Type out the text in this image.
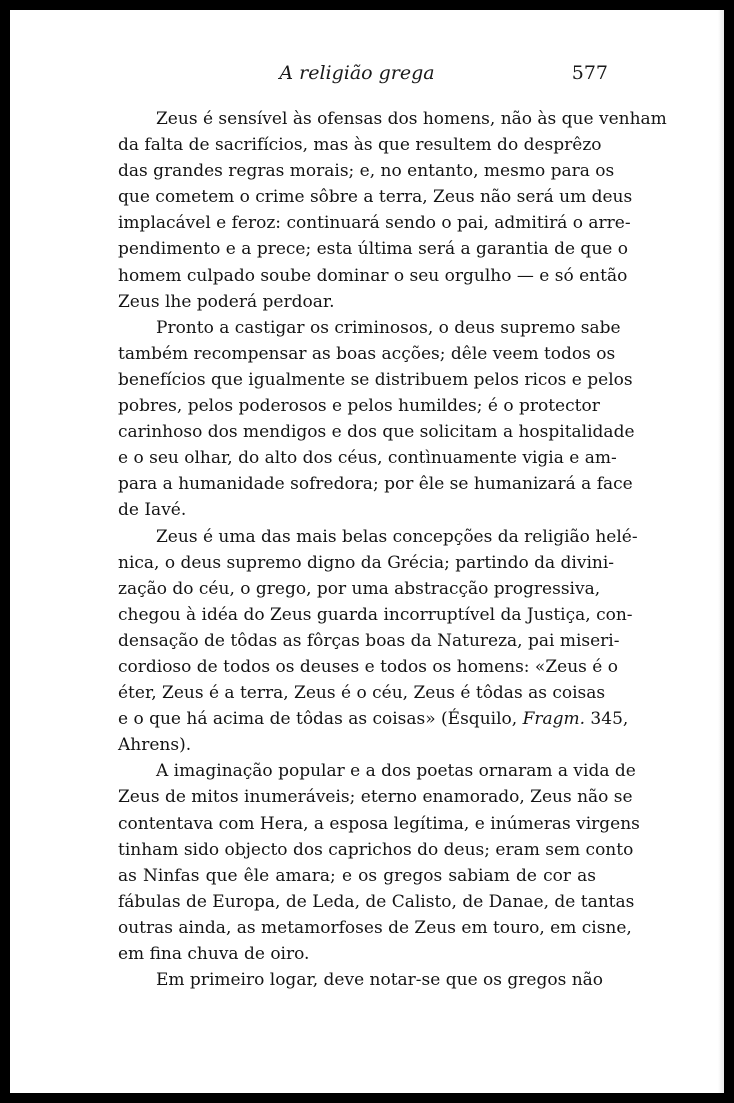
A religião grega	577

Zeus é sensível às ofensas dos homens, não às que venham
da falta de sacrifícios, mas às que resultem do desprêzo
das grandes regras morais; e, no entanto, mesmo para os
que cometem o crime sôbre a terra, Zeus não será um deus
implacável e feroz: continuará sendo o pai, admitirá o arre-
pendimento e a prece; esta última será a garantia de que o
homem culpado soube dominar o seu orgulho — e só então
Zeus lhe poderá perdoar.

Pronto a castigar os criminosos, o deus supremo sabe
também recompensar as boas acções; dêle veem todos os
benefícios que igualmente se distribuem pelos ricos e pelos
pobres, pelos poderosos e pelos humildes; é o protector
carinhoso dos mendigos e dos que solicitam a hospitalidade
e o seu olhar, do alto dos céus, contìnuamente vigia e am-
para a humanidade sofredora; por êle se humanizará a face
de Iavé.

Zeus é uma das mais belas concepções da religião helé-
nica, o deus supremo digno da Grécia; partindo da divini-
zação do céu, o grego, por uma abstracção progressiva,
chegou à idéa do Zeus guarda incorruptível da Justiça, con-
densação de tôdas as fôrças boas da Natureza, pai miseri-
cordioso de todos os deuses e todos os homens: «Zeus é o
éter, Zeus é a terra, Zeus é o céu, Zeus é tôdas as coisas
e o que há acima de tôdas as coisas» (Ésquilo, Fragm. 345,
Ahrens).

A imaginação popular e a dos poetas ornaram a vida de
Zeus de mitos inumeráveis; eterno enamorado, Zeus não se
contentava com Hera, a esposa legítima, e inúmeras virgens
tinham sido objecto dos caprichos do deus; eram sem conto
as Ninfas que êle amara; e os gregos sabiam de cor as
fábulas de Europa, de Leda, de Calisto, de Danae, de tantas
outras ainda, as metamorfoses de Zeus em touro, em cisne,
em fina chuva de oiro.

Em primeiro logar, deve notar-se que os gregos não
